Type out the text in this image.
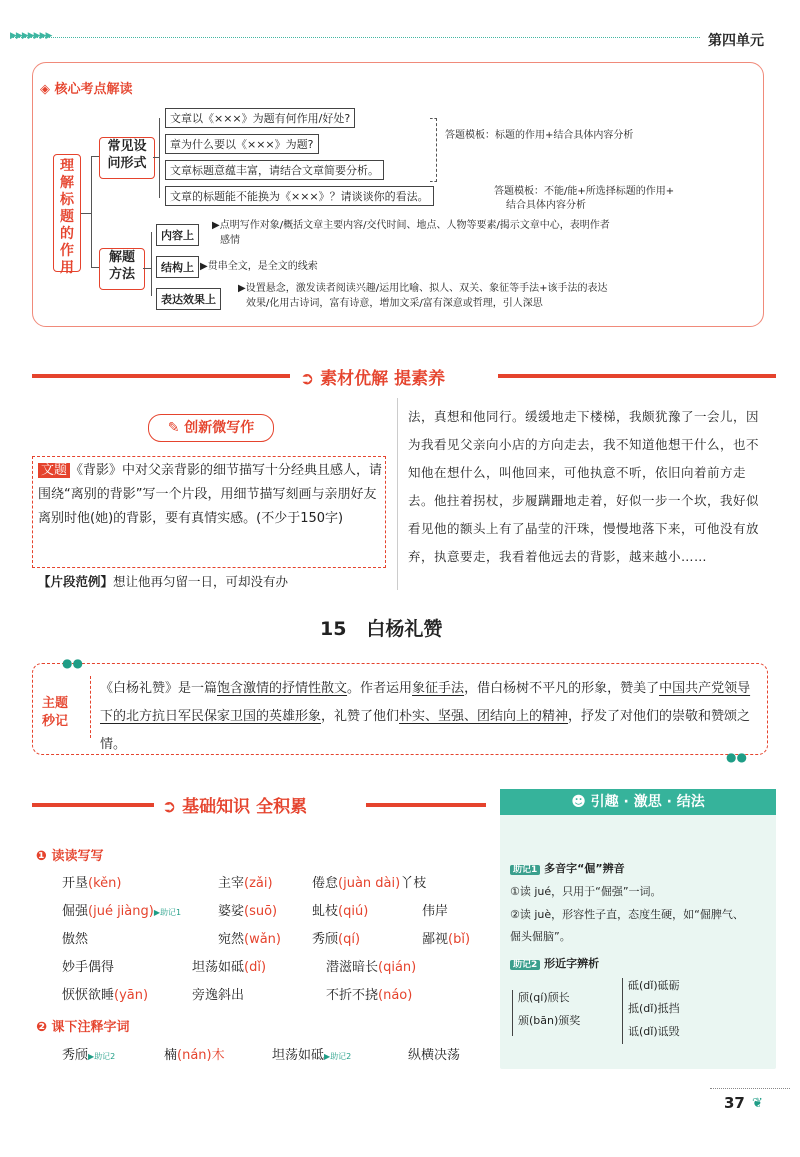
▶▶▶▶▶▶▶	第四单元
◈ 核心考点解读
理
解
标
题
的
作
用
常见设
问形式
解题
方法
文章以《×××》为题有何作用/好处?
章为什么要以《×××》为题?
文章标题意蕴丰富，请结合文章简要分析。
文章的标题能不能换为《×××》？请谈谈你的看法。
答题模板：标题的作用+结合具体内容分析
答题模板：不能/能+所选择标题的作用+
结合具体内容分析
内容上
结构上
表达效果上
▶点明写作对象/概括文章主要内容/交代时间、地点、人物等要素/揭示文章中心，表明作者
感情
▶贯串全文，是全文的线索
▶设置悬念，激发读者阅读兴趣/运用比喻、拟人、双关、象征等手法+该手法的表达
效果/化用古诗词，富有诗意，增加文采/富有深意或哲理，引人深思
➲ 素材优解 提素养
✎ 创新微写作
文题 《背影》中对父亲背影的细节描写十分经典且感人，请围绕“离别的背影”写一个片段，用细节描写刻画与亲朋好友离别时他(她)的背影，要有真情实感。(不少于150字)
【片段范例】想让他再匀留一日，可却没有办
法，真想和他同行。缓缓地走下楼梯，我颇犹豫了一会儿，因为我看见父亲向小店的方向走去，我不知道他想干什么，也不知他在想什么，叫他回来，可他执意不听，依旧向着前方走去。他拄着拐杖，步履蹒跚地走着，好似一步一个坎，我好似看见他的额头上有了晶莹的汗珠，慢慢地落下来，可他没有放弃，执意要走，我看着他远去的背影，越来越小……
15 白杨礼赞
●●
●●
主题
秒记
《白杨礼赞》是一篇饱含激情的抒情性散文。作者运用象征手法，借白杨树不平凡的形象，赞美了中国共产党领导下的北方抗日军民保家卫国的英雄形象，礼赞了他们朴实、坚强、团结向上的精神，抒发了对他们的崇敬和赞颂之情。
➲ 基础知识 全积累
❶ 读读写写
开垦(kěn)	主宰(zǎi)	倦怠(juàn dài)丫枝
倔强(jué jiàng)▶助记1	婆娑(suō)	虬枝(qiú)	伟岸
傲然	宛然(wǎn) 秀颀(qí)	鄙视(bǐ)
妙手偶得	坦荡如砥(dǐ)	潜滋暗长(qián)
恹恹欲睡(yān)	旁逸斜出	不折不挠(náo)
❷ 课下注释字词
秀颀▶助记2	楠(nán)木	坦荡如砥▶助记2	纵横决荡
☻ 引趣 · 激思 · 结法
助记1 多音字“倔”辨音
①读 jué，只用于“倔强”一词。
②读 juè，形容性子直，态度生硬，如“倔脾气、
倔头倔脑”。
助记2 形近字辨析
颀(qí)颀长
颁(bān)颁奖
砥(dǐ)砥砺
抵(dǐ)抵挡
诋(dǐ)诋毁
37 ❦
